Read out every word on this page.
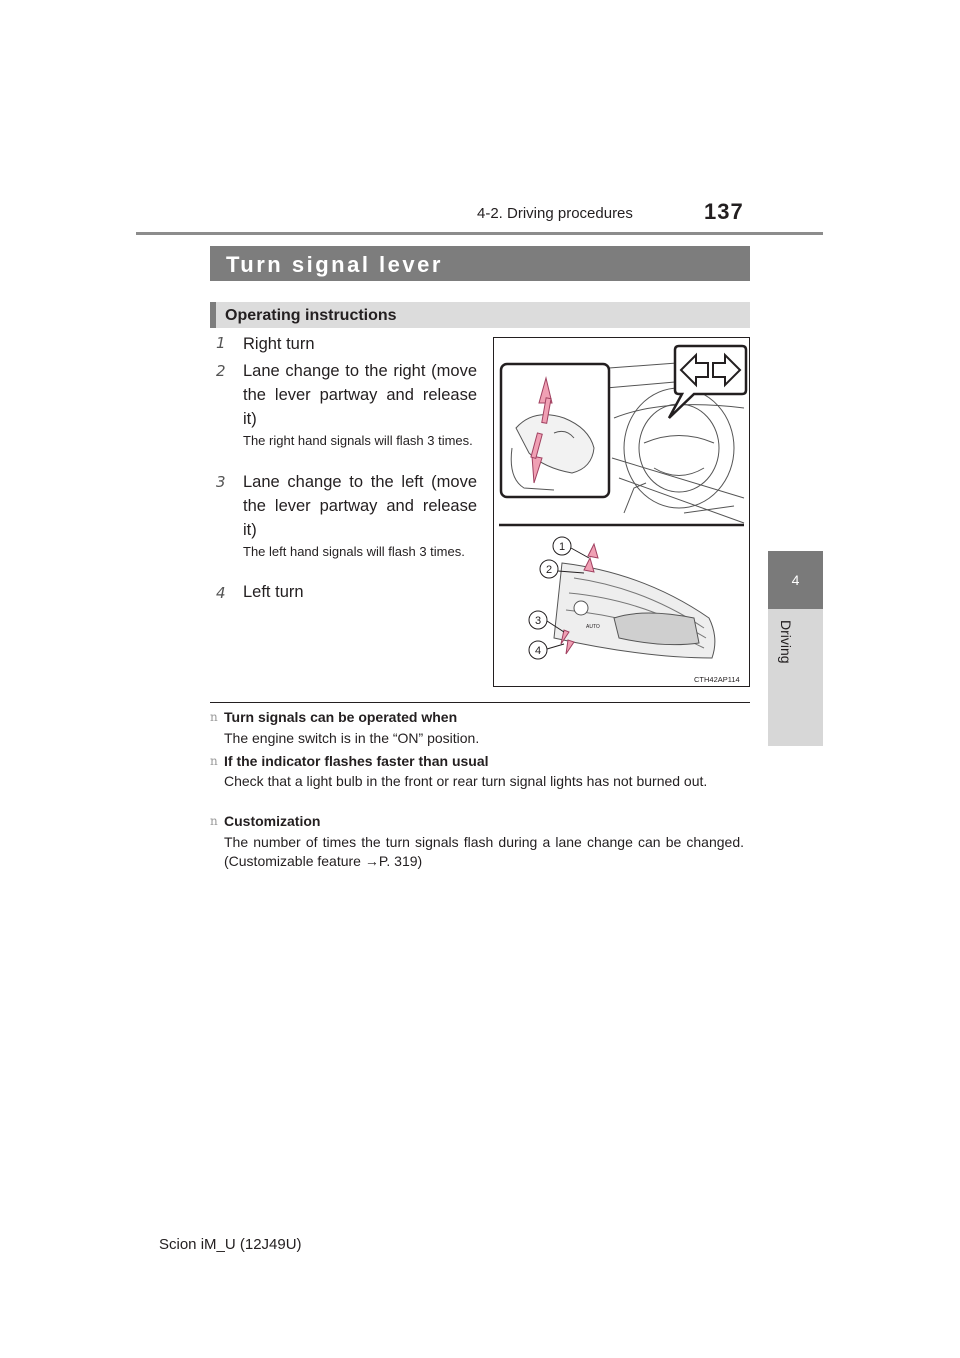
4-2. Driving procedures	137
4
Driving
Turn signal lever
Operating instructions
1	Right turn
2	Lane change to the right (move the lever partway and release it)
The right hand signals will flash 3 times.
3	Lane change to the left (move the lever partway and release it)
The left hand signals will flash 3 times.
4	Left turn
AUTO
1
2
3
4
CTH42AP114
n Turn signals can be operated when
The engine switch is in the “ON” position.
n If the indicator flashes faster than usual
Check that a light bulb in the front or rear turn signal lights has not burned out.
n Customization
The number of times the turn signals flash during a lane change can be changed. (Customizable feature →P. 319)
Scion iM_U (12J49U)
